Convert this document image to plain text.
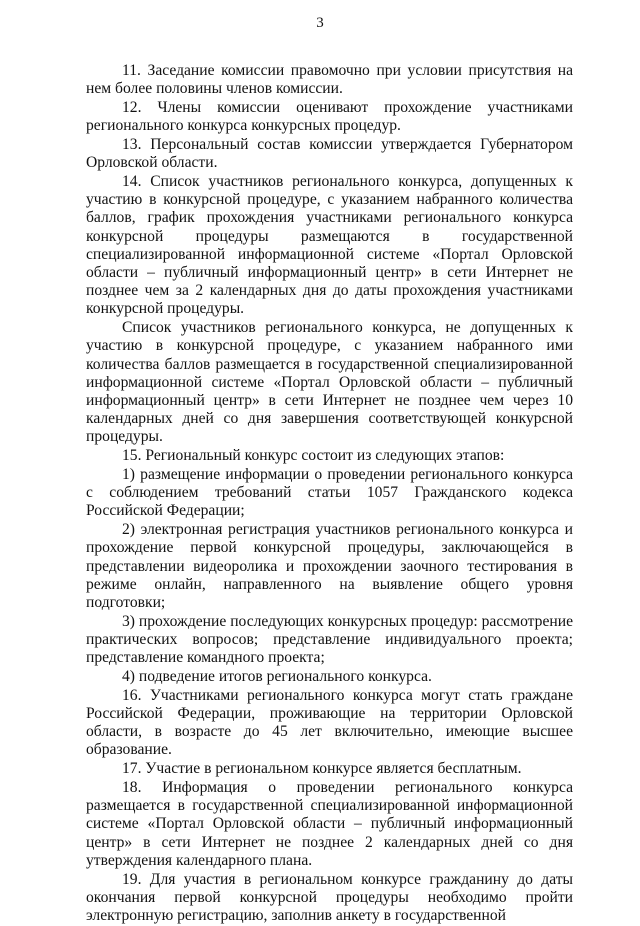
3

11. Заседание комиссии правомочно при условии присутствия на нем более половины членов комиссии.

12. Члены комиссии оценивают прохождение участниками регионального конкурса конкурсных процедур.

13. Персональный состав комиссии утверждается Губернатором Орловской области.

14. Список участников регионального конкурса, допущенных к участию в конкурсной процедуре, с указанием набранного количества баллов, график прохождения участниками регионального конкурса конкурсной процедуры размещаются в государственной специализированной информационной системе «Портал Орловской области – публичный информационный центр» в сети Интернет не позднее чем за 2 календарных дня до даты прохождения участниками конкурсной процедуры.

Список участников регионального конкурса, не допущенных к участию в конкурсной процедуре, с указанием набранного ими количества баллов размещается в государственной специализированной информационной системе «Портал Орловской области – публичный информационный центр» в сети Интернет не позднее чем через 10 календарных дней со дня завершения соответствующей конкурсной процедуры.

15. Региональный конкурс состоит из следующих этапов:

1) размещение информации о проведении регионального конкурса с соблюдением требований статьи 1057 Гражданского кодекса Российской Федерации;

2) электронная регистрация участников регионального конкурса и прохождение первой конкурсной процедуры, заключающейся в представлении видеоролика и прохождении заочного тестирования в режиме онлайн, направленного на выявление общего уровня подготовки;

3) прохождение последующих конкурсных процедур: рассмотрение практических вопросов; представление индивидуального проекта; представление командного проекта;

4) подведение итогов регионального конкурса.

16. Участниками регионального конкурса могут стать граждане Российской Федерации, проживающие на территории Орловской области, в возрасте до 45 лет включительно, имеющие высшее образование.

17. Участие в региональном конкурсе является бесплатным.

18. Информация о проведении регионального конкурса размещается в государственной специализированной информационной системе «Портал Орловской области – публичный информационный центр» в сети Интернет не позднее 2 календарных дней со дня утверждения календарного плана.

19. Для участия в региональном конкурсе гражданину до даты окончания первой конкурсной процедуры необходимо пройти электронную регистрацию, заполнив анкету в государственной
